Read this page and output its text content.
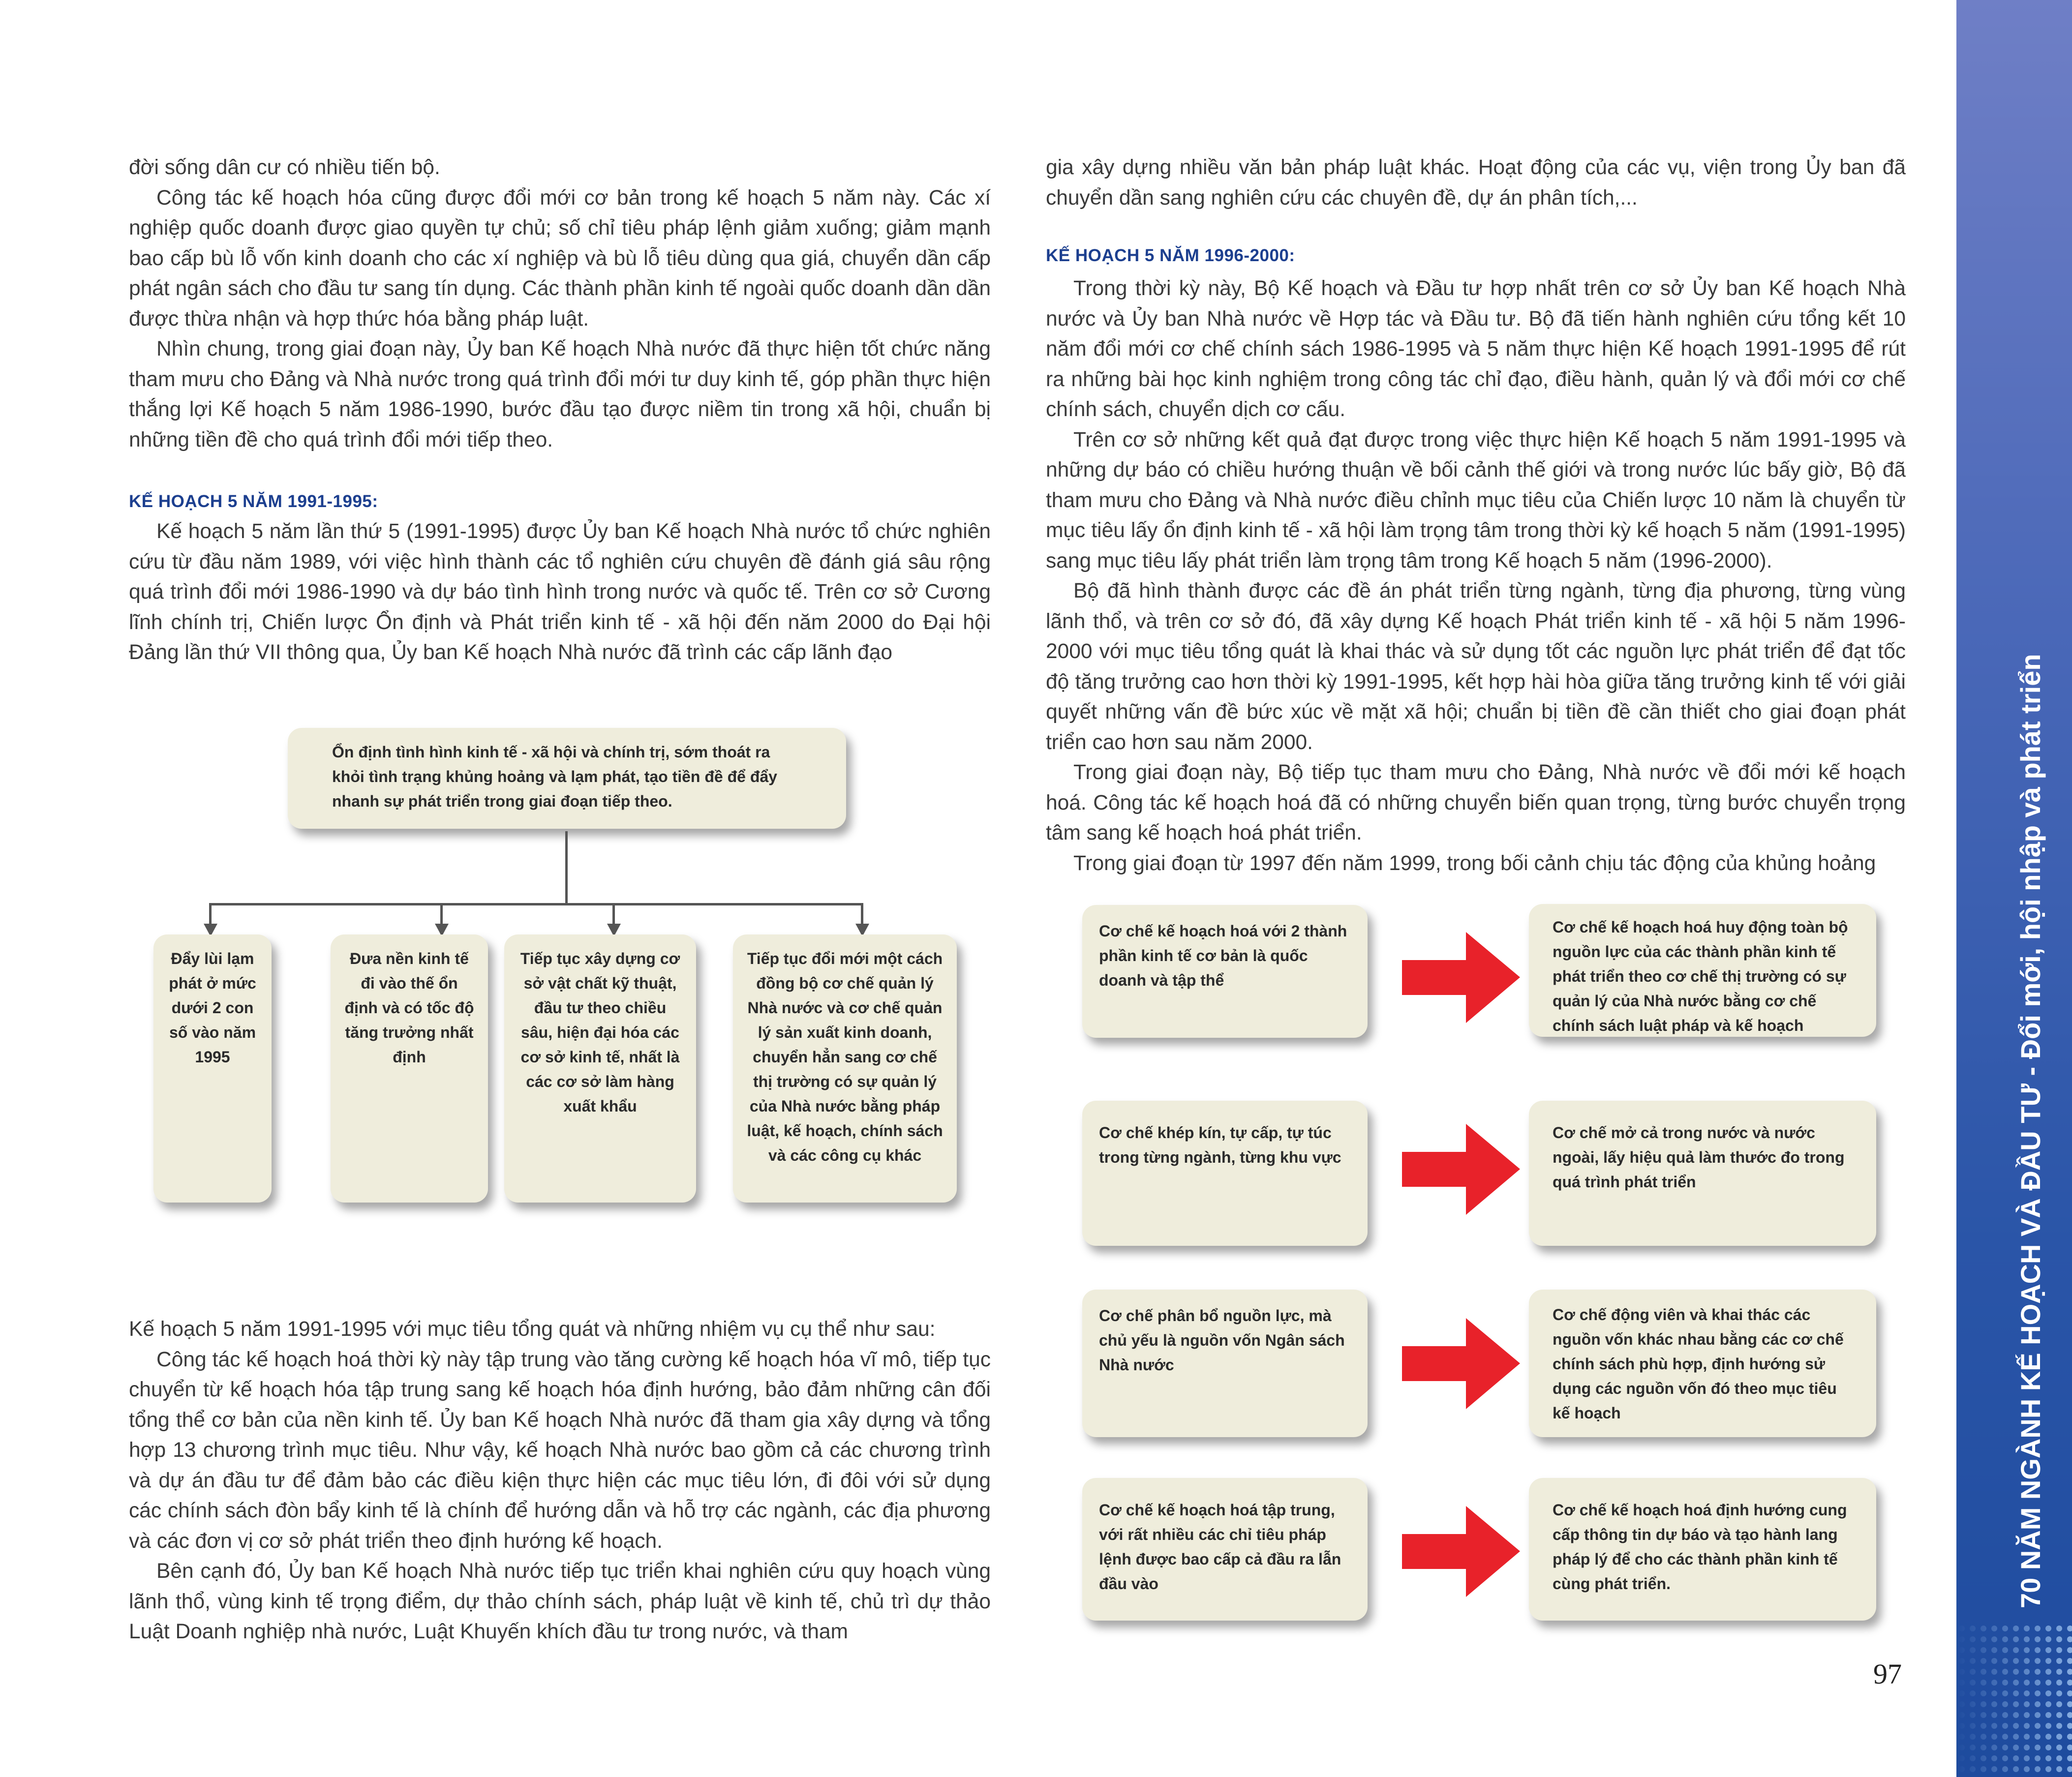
đời sống dân cư có nhiều tiến bộ.

Công tác kế hoạch hóa cũng được đổi mới cơ bản trong kế hoạch 5 năm này. Các xí nghiệp quốc doanh được giao quyền tự chủ; số chỉ tiêu pháp lệnh giảm xuống; giảm mạnh bao cấp bù lỗ vốn kinh doanh cho các xí nghiệp và bù lỗ tiêu dùng qua giá, chuyển dần cấp phát ngân sách cho đầu tư sang tín dụng. Các thành phần kinh tế ngoài quốc doanh dần dần được thừa nhận và hợp thức hóa bằng pháp luật.

Nhìn chung, trong giai đoạn này, Ủy ban Kế hoạch Nhà nước đã thực hiện tốt chức năng tham mưu cho Đảng và Nhà nước trong quá trình đổi mới tư duy kinh tế, góp phần thực hiện thắng lợi Kế hoạch 5 năm 1986-1990, bước đầu tạo được niềm tin trong xã hội, chuẩn bị những tiền đề cho quá trình đổi mới tiếp theo.

KẾ HOẠCH 5 NĂM 1991-1995:

Kế hoạch 5 năm lần thứ 5 (1991-1995) được Ủy ban Kế hoạch Nhà nước tổ chức nghiên cứu từ đầu năm 1989, với việc hình thành các tổ nghiên cứu chuyên đề đánh giá sâu rộng quá trình đổi mới 1986-1990 và dự báo tình hình trong nước và quốc tế. Trên cơ sở Cương lĩnh chính trị, Chiến lược Ổn định và Phát triển kinh tế - xã hội đến năm 2000 do Đại hội Đảng lần thứ VII thông qua, Ủy ban Kế hoạch Nhà nước đã trình các cấp lãnh đạo

Ổn định tình hình kinh tế - xã hội và chính trị, sớm thoát ra khỏi tình trạng khủng hoảng và lạm phát, tạo tiền đề để đẩy nhanh sự phát triển trong giai đoạn tiếp theo.
Đẩy lùi lạm phát ở mức dưới 2 con số vào năm 1995
Đưa nền kinh tế đi vào thế ổn định và có tốc độ tăng trưởng nhất định
Tiếp tục xây dựng cơ sở vật chất kỹ thuật, đầu tư theo chiều sâu, hiện đại hóa các cơ sở kinh tế, nhất là các cơ sở làm hàng xuất khẩu
Tiếp tục đổi mới một cách đồng bộ cơ chế quản lý Nhà nước và cơ chế quản lý sản xuất kinh doanh, chuyển hẳn sang cơ chế thị trường có sự quản lý của Nhà nước bằng pháp luật, kế hoạch, chính sách và các công cụ khác

Kế hoạch 5 năm 1991-1995 với mục tiêu tổng quát và những nhiệm vụ cụ thể như sau:

Công tác kế hoạch hoá thời kỳ này tập trung vào tăng cường kế hoạch hóa vĩ mô, tiếp tục chuyển từ kế hoạch hóa tập trung sang kế hoạch hóa định hướng, bảo đảm những cân đối tổng thể cơ bản của nền kinh tế. Ủy ban Kế hoạch Nhà nước đã tham gia xây dựng và tổng hợp 13 chương trình mục tiêu. Như vậy, kế hoạch Nhà nước bao gồm cả các chương trình và dự án đầu tư để đảm bảo các điều kiện thực hiện các mục tiêu lớn, đi đôi với sử dụng các chính sách đòn bẩy kinh tế là chính để hướng dẫn và hỗ trợ các ngành, các địa phương và các đơn vị cơ sở phát triển theo định hướng kế hoạch.

Bên cạnh đó, Ủy ban Kế hoạch Nhà nước tiếp tục triển khai nghiên cứu quy hoạch vùng lãnh thổ, vùng kinh tế trọng điểm, dự thảo chính sách, pháp luật về kinh tế, chủ trì dự thảo Luật Doanh nghiệp nhà nước, Luật Khuyến khích đầu tư trong nước, và tham

gia xây dựng nhiều văn bản pháp luật khác. Hoạt động của các vụ, viện trong Ủy ban đã chuyển dần sang nghiên cứu các chuyên đề, dự án phân tích,...

KẾ HOẠCH 5 NĂM 1996-2000:

Trong thời kỳ này, Bộ Kế hoạch và Đầu tư hợp nhất trên cơ sở Ủy ban Kế hoạch Nhà nước và Ủy ban Nhà nước về Hợp tác và Đầu tư. Bộ đã tiến hành nghiên cứu tổng kết 10 năm đổi mới cơ chế chính sách 1986-1995 và 5 năm thực hiện Kế hoạch 1991-1995 để rút ra những bài học kinh nghiệm trong công tác chỉ đạo, điều hành, quản lý và đổi mới cơ chế chính sách, chuyển dịch cơ cấu.

Trên cơ sở những kết quả đạt được trong việc thực hiện Kế hoạch 5 năm 1991-1995 và những dự báo có chiều hướng thuận về bối cảnh thế giới và trong nước lúc bấy giờ, Bộ đã tham mưu cho Đảng và Nhà nước điều chỉnh mục tiêu của Chiến lược 10 năm là chuyển từ mục tiêu lấy ổn định kinh tế - xã hội làm trọng tâm trong thời kỳ kế hoạch 5 năm (1991-1995) sang mục tiêu lấy phát triển làm trọng tâm trong Kế hoạch 5 năm (1996-2000).

Bộ đã hình thành được các đề án phát triển từng ngành, từng địa phương, từng vùng lãnh thổ, và trên cơ sở đó, đã xây dựng Kế hoạch Phát triển kinh tế - xã hội 5 năm 1996-2000 với mục tiêu tổng quát là khai thác và sử dụng tốt các nguồn lực phát triển để đạt tốc độ tăng trưởng cao hơn thời kỳ 1991-1995, kết hợp hài hòa giữa tăng trưởng kinh tế với giải quyết những vấn đề bức xúc về mặt xã hội; chuẩn bị tiền đề cần thiết cho giai đoạn phát triển cao hơn sau năm 2000.

Trong giai đoạn này, Bộ tiếp tục tham mưu cho Đảng, Nhà nước về đổi mới kế hoạch hoá. Công tác kế hoạch hoá đã có những chuyển biến quan trọng, từng bước chuyển trọng tâm sang kế hoạch hoá phát triển.

Trong giai đoạn từ 1997 đến năm 1999, trong bối cảnh chịu tác động của khủng hoảng

Cơ chế kế hoạch hoá với 2 thành phần kinh tế cơ bản là quốc doanh và tập thể
Cơ chế kế hoạch hoá huy động toàn bộ nguồn lực của các thành phần kinh tế phát triển theo cơ chế thị trường có sự quản lý của Nhà nước bằng cơ chế chính sách luật pháp và kế hoạch
Cơ chế khép kín, tự cấp, tự túc trong từng ngành, từng khu vực
Cơ chế mở cả trong nước và nước ngoài, lấy hiệu quả làm thước đo trong quá trình phát triển
Cơ chế phân bổ nguồn lực, mà chủ yếu là nguồn vốn Ngân sách Nhà nước
Cơ chế động viên và khai thác các nguồn vốn khác nhau bằng các cơ chế chính sách phù hợp, định hướng sử dụng các nguồn vốn đó theo mục tiêu kế hoạch
Cơ chế kế hoạch hoá tập trung, với rất nhiều các chỉ tiêu pháp lệnh được bao cấp cả đầu ra lẫn đầu vào
Cơ chế kế hoạch hoá định hướng cung cấp thông tin dự báo và tạo hành lang pháp lý để cho các thành phần kinh tế cùng phát triển.	70 NĂM NGÀNH KẾ HOẠCH VÀ ĐẦU TƯ - Đổi mới, hội nhập và phát triển
97
